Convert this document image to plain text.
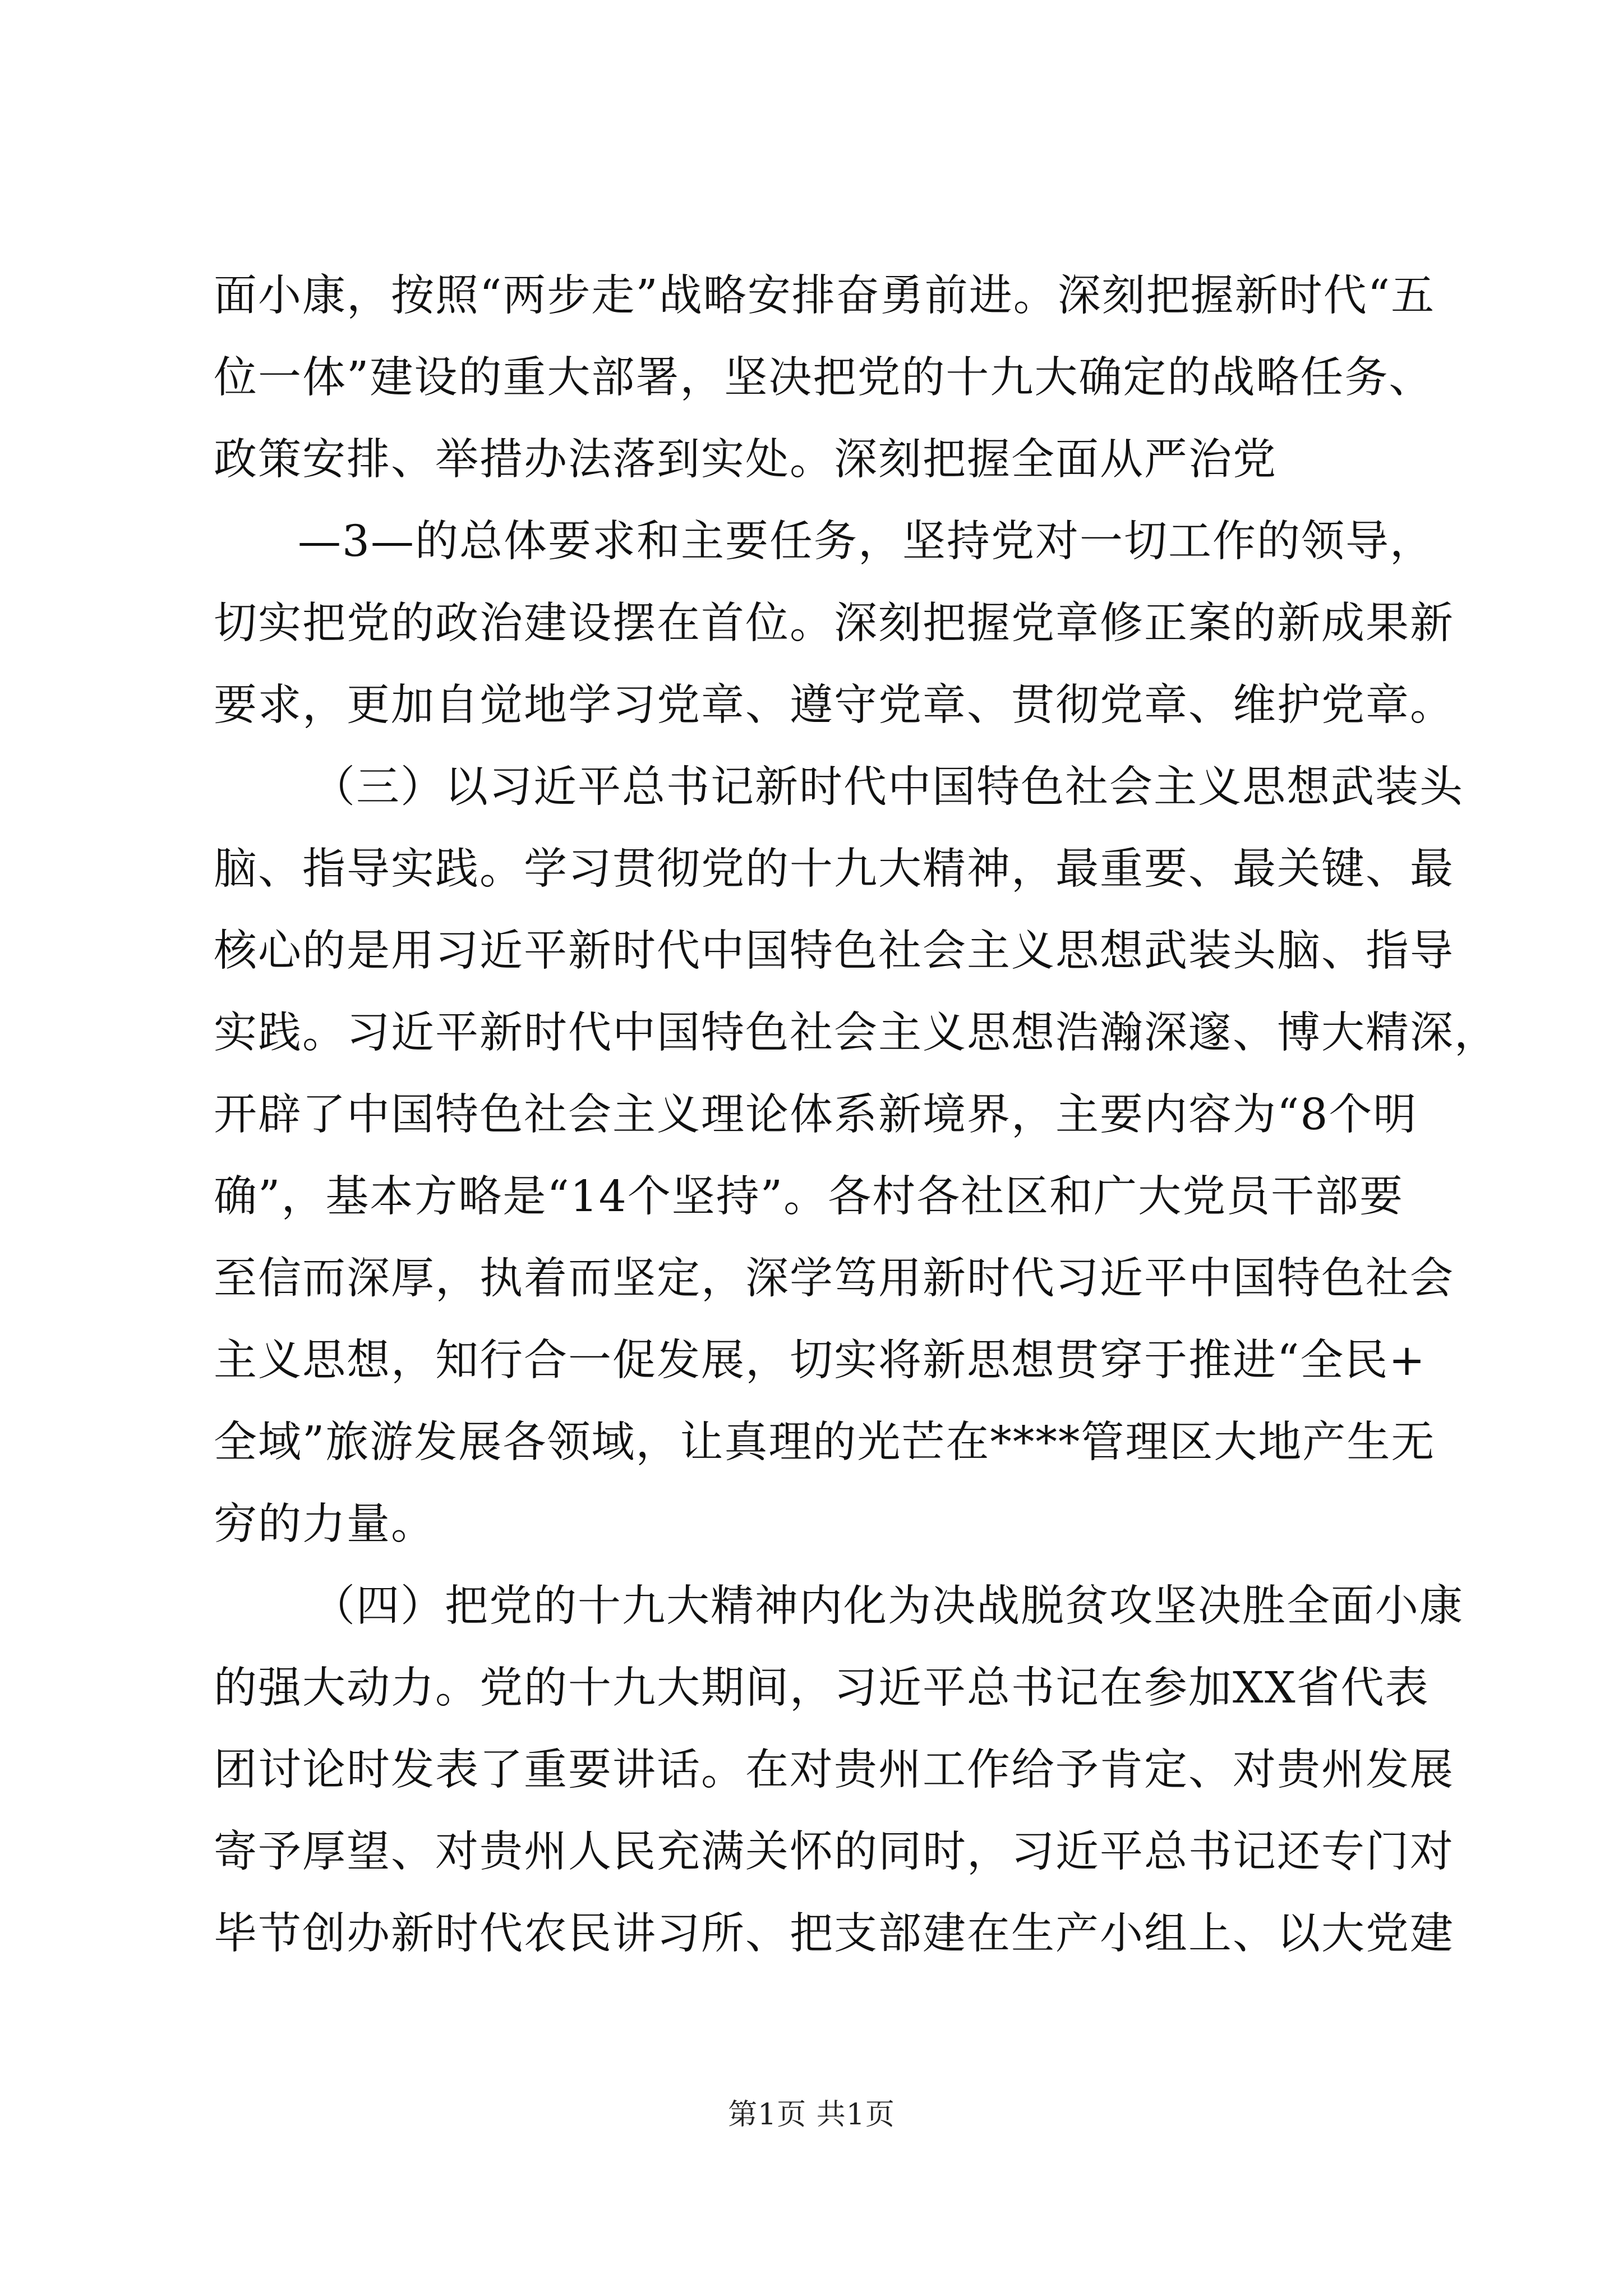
面小康，按照“两步走”战略安排奋勇前进。深刻把握新时代“五
位一体”建设的重大部署，坚决把党的十九大确定的战略任务、
政策安排、举措办法落到实处。深刻把握全面从严治党
—3—的总体要求和主要任务，坚持党对一切工作的领导，
切实把党的政治建设摆在首位。深刻把握党章修正案的新成果新
要求，更加自觉地学习党章、遵守党章、贯彻党章、维护党章。
（三）以习近平总书记新时代中国特色社会主义思想武装头
脑、指导实践。学习贯彻党的十九大精神，最重要、最关键、最
核心的是用习近平新时代中国特色社会主义思想武装头脑、指导
实践。习近平新时代中国特色社会主义思想浩瀚深邃、博大精深，
开辟了中国特色社会主义理论体系新境界，主要内容为“8个明
确”，基本方略是“14个坚持”。各村各社区和广大党员干部要
至信而深厚，执着而坚定，深学笃用新时代习近平中国特色社会
主义思想，知行合一促发展，切实将新思想贯穿于推进“全民+
全域”旅游发展各领域，让真理的光芒在****管理区大地产生无
穷的力量。
（四）把党的十九大精神内化为决战脱贫攻坚决胜全面小康
的强大动力。党的十九大期间，习近平总书记在参加XX省代表
团讨论时发表了重要讲话。在对贵州工作给予肯定、对贵州发展
寄予厚望、对贵州人民充满关怀的同时，习近平总书记还专门对
毕节创办新时代农民讲习所、把支部建在生产小组上、以大党建
第1页 共1页
